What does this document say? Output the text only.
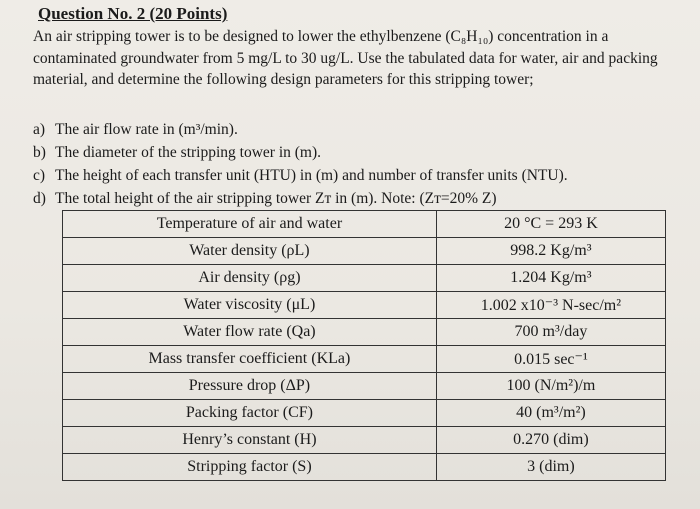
Question No. 2 (20 Points)
An air stripping tower is to be designed to lower the ethylbenzene (C₈H₁₀) concentration in a contaminated groundwater from 5 mg/L to 30 ug/L. Use the tabulated data for water, air and packing material, and determine the following design parameters for this stripping tower;
a) The air flow rate in (m³/min).
b) The diameter of the stripping tower in (m).
c) The height of each transfer unit (HTU) in (m) and number of transfer units (NTU).
d) The total height of the air stripping tower Zᴛ in (m). Note: (Zᴛ=20% Z)
Temperature of air and water	20 °C = 293 K
Water density (ρL)	998.2 Kg/m³
Air density (ρg)	1.204 Kg/m³
Water viscosity (μL)	1.002 x10⁻³ N-sec/m²
Water flow rate (Qa)	700 m³/day
Mass transfer coefficient (KLa)	0.015 sec⁻¹
Pressure drop (ΔP)	100 (N/m²)/m
Packing factor (CF)	40 (m³/m²)
Henry’s constant (H)	0.270 (dim)
Stripping factor (S)	3 (dim)
